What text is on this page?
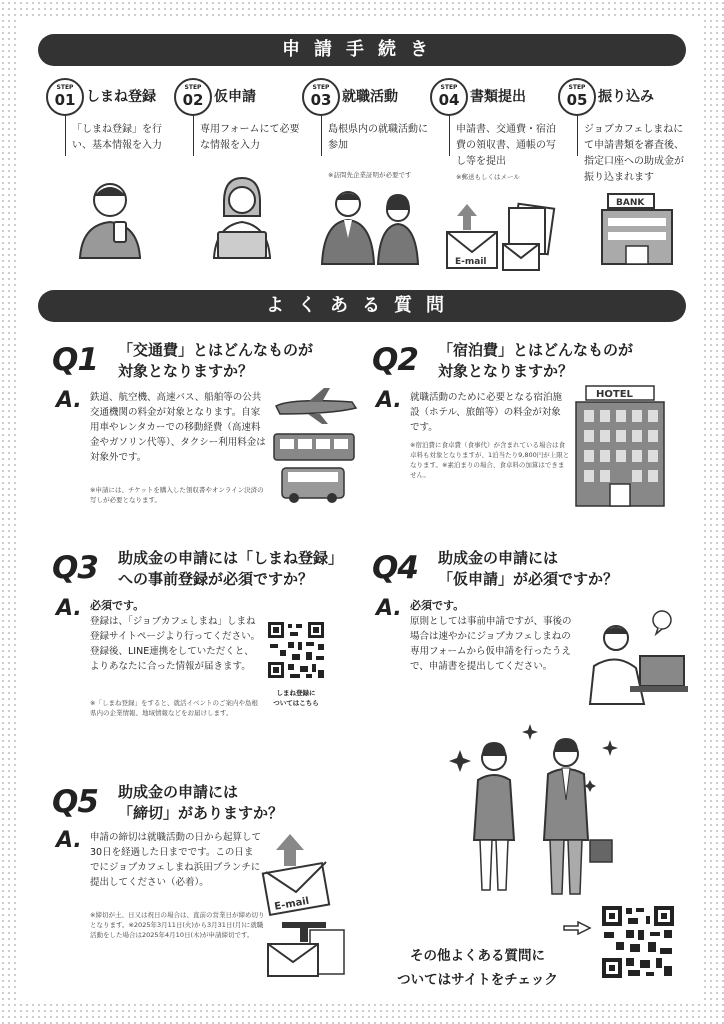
申請手続き
STEP
01 しまね登録
「しまね登録」を行い、基本情報を入力
STEP
02 仮申請
専用フォームにて必要な情報を入力
STEP
03 就職活動
島根県内の就職活動に参加
※訪問先企業証明が必要です
STEP
04 書類提出
申請書、交通費・宿泊費の領収書、通帳の写し等を提出
※郵送もしくはメール
STEP
05 振り込み
ジョブカフェしまねにて申請書類を審査後、指定口座への助成金が振り込まれます
E-mail
BANK
よくある質問
Q1 「交通費」とはどんなものが
対象となりますか？
A. 鉄道、航空機、高速バス、船舶等の公共交通機関の料金が対象となります。自家用車やレンタカーでの移動経費（高速料金やガソリン代等）、タクシー利用料金は対象外です。
※申請には、チケットを購入した領収書やオンライン決済の写しが必要となります。
Q2 「宿泊費」とはどんなものが
対象となりますか？
A. 就職活動のために必要となる宿泊施設（ホテル、旅館等）の料金が対象です。
※宿泊費に食卓費（食事代）が含まれている場合は食卓料も対象となりますが、1泊当たり9,800円が上限となります。※素泊まりの場合、食卓料の加算はできません。
HOTEL
Q3 助成金の申請には「しまね登録」
への事前登録が必須ですか？
A. 必須です。
登録は、「ジョブカフェしまね」しまね登録サイトページより行ってください。登録後、LINE連携をしていただくと、よりあなたに合った情報が届きます。
※「しまね登録」をすると、就活イベントのご案内や島根県内の企業情報、地域情報などをお届けします。
しまね登録に
ついてはこちら
Q4 助成金の申請には
「仮申請」が必須ですか？
A. 必須です。
原則としては事前申請ですが、事後の場合は速やかにジョブカフェしまねの専用フォームから仮申請を行ったうえで、申請書を提出してください。
Q5 助成金の申請には
「締切」がありますか？
A. 申請の締切は就職活動の日から起算して30日を経過した日までです。この日までにジョブカフェしまね浜田ブランチに提出してください（必着）。
※締切が土、日又は祝日の場合は、直前の営業日が締め切りとなります。※2025年3月11日(火)から3月31日(月)に就職活動をした場合は2025年4月10日(木)が申請締切です。
E-mail
その他よくある質問に
ついてはサイトをチェック
